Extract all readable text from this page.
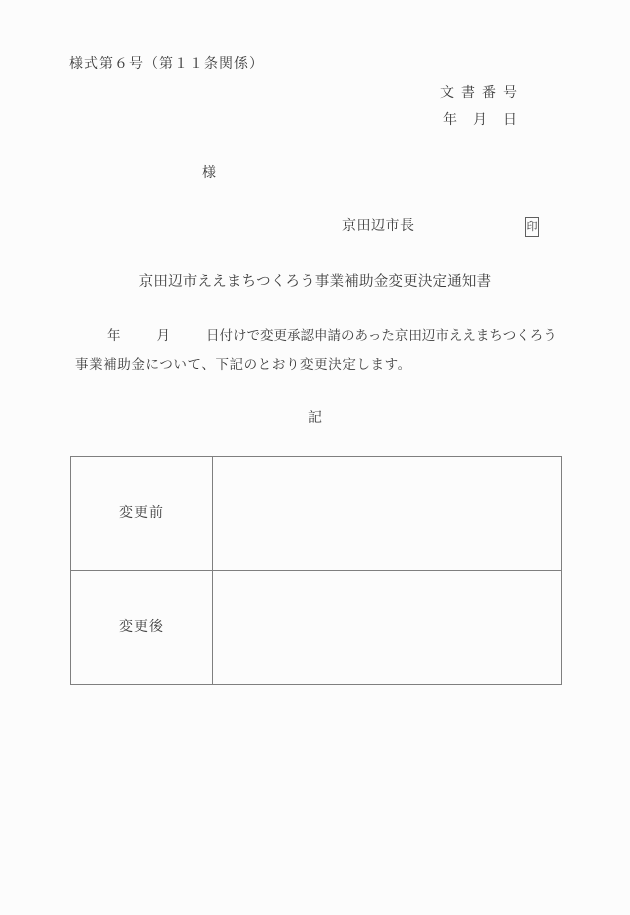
様式第６号（第１１条関係）
文 書 番 号
年 月 日
様
京田辺市長	印
京田辺市ええまちつくろう事業補助金変更決定通知書
年	月	日付けで変更承認申請のあった京田辺市ええまちつくろう
事業補助金について、下記のとおり変更決定します。
記
変更前
変更後
